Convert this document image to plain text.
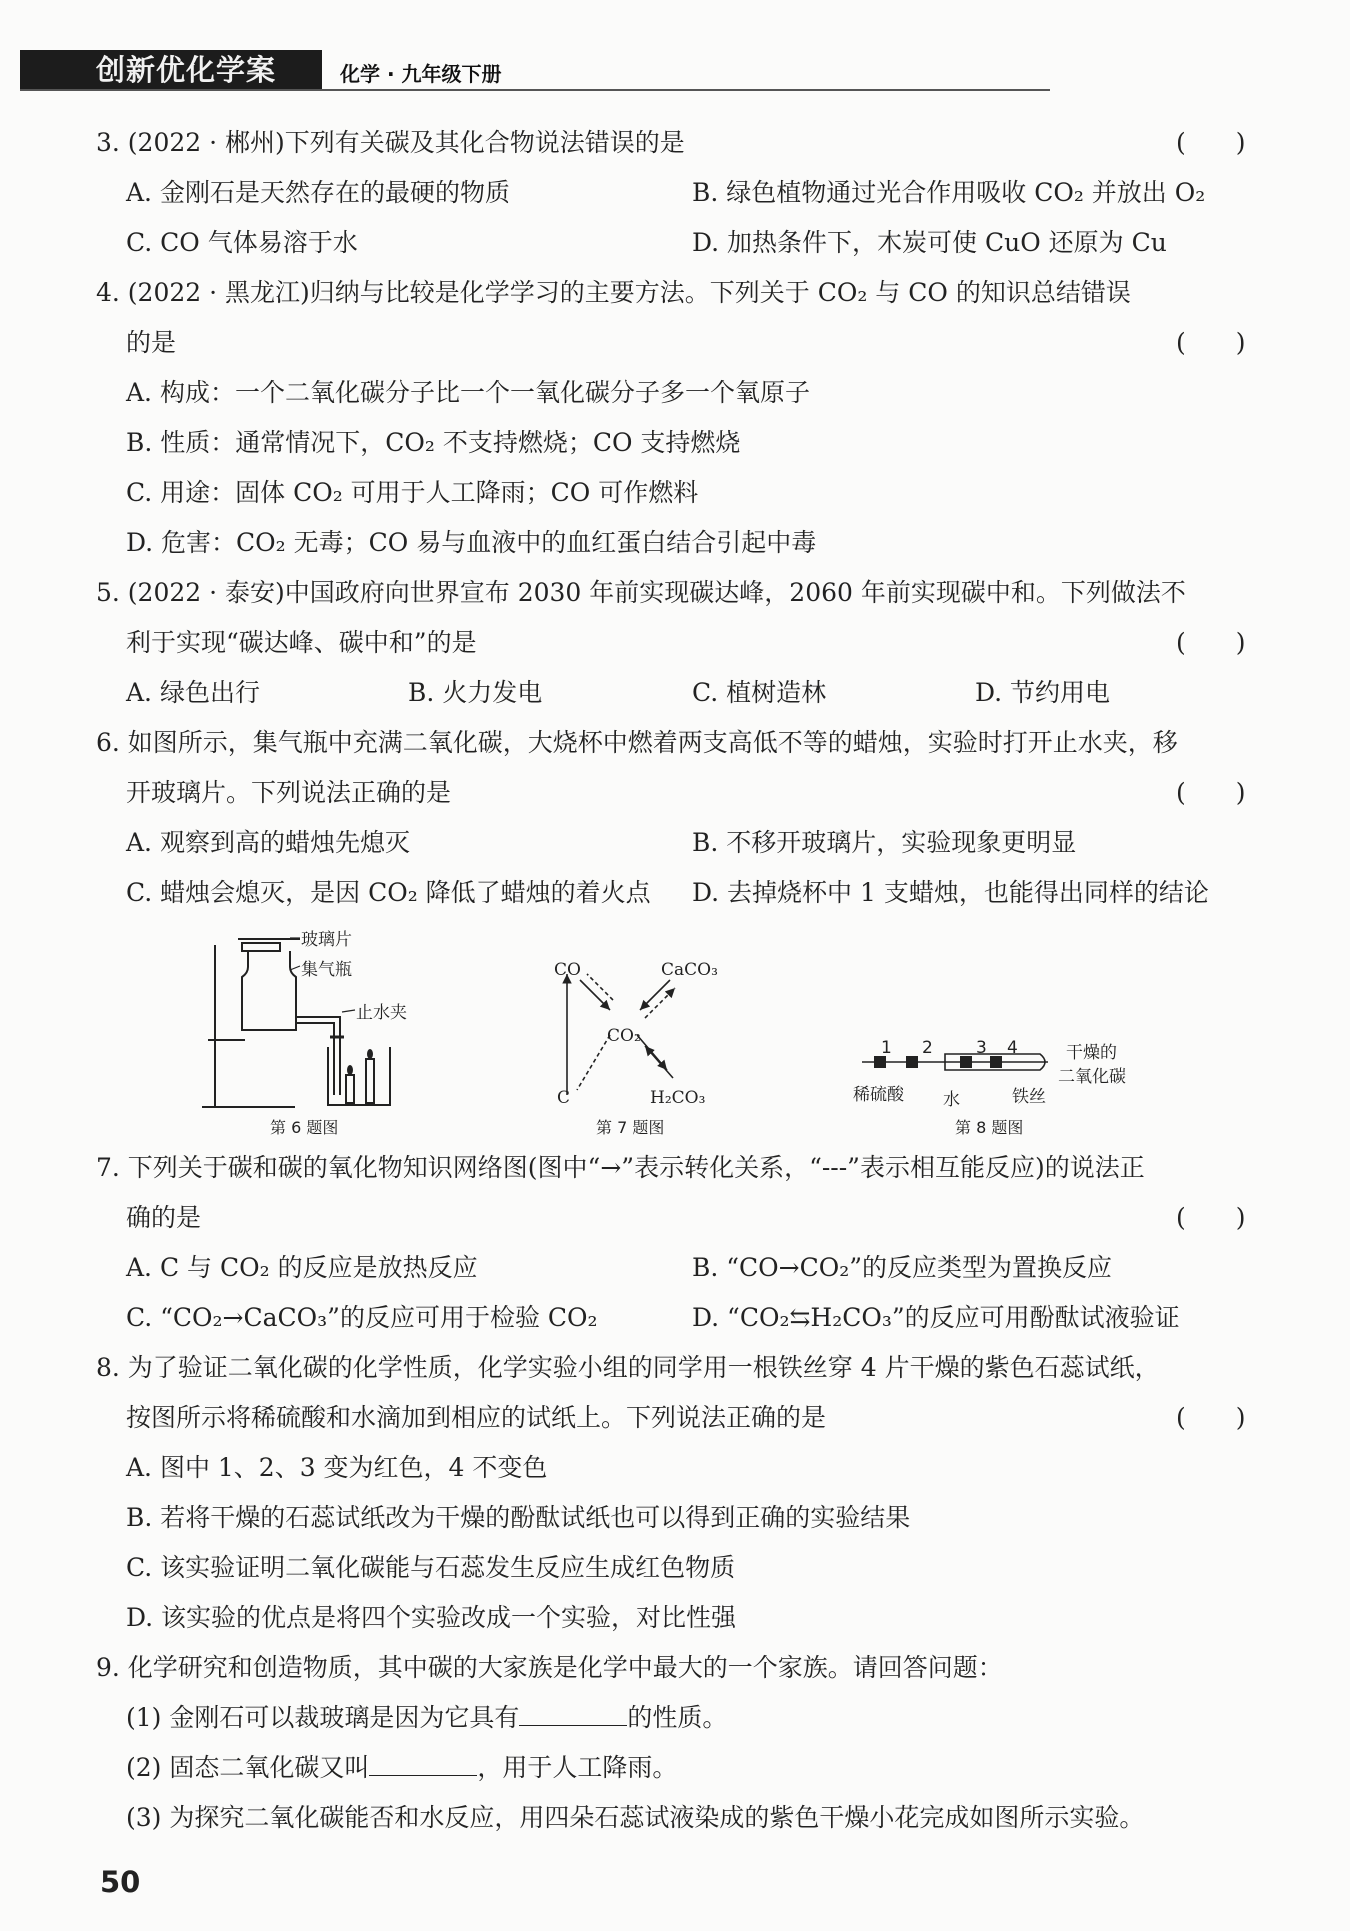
创新优化学案	化学 · 九年级下册
3. (2022 · 郴州)下列有关碳及其化合物说法错误的是	(　　)
A. 金刚石是天然存在的最硬的物质	B. 绿色植物通过光合作用吸收 CO₂ 并放出 O₂
C. CO 气体易溶于水	D. 加热条件下，木炭可使 CuO 还原为 Cu
4. (2022 · 黑龙江)归纳与比较是化学学习的主要方法。下列关于 CO₂ 与 CO 的知识总结错误
的是	(　　)
A. 构成：一个二氧化碳分子比一个一氧化碳分子多一个氧原子
B. 性质：通常情况下，CO₂ 不支持燃烧；CO 支持燃烧
C. 用途：固体 CO₂ 可用于人工降雨；CO 可作燃料
D. 危害：CO₂ 无毒；CO 易与血液中的血红蛋白结合引起中毒
5. (2022 · 泰安)中国政府向世界宣布 2030 年前实现碳达峰，2060 年前实现碳中和。下列做法不
利于实现“碳达峰、碳中和”的是	(　　)
A. 绿色出行	B. 火力发电	C. 植树造林	D. 节约用电
6. 如图所示，集气瓶中充满二氧化碳，大烧杯中燃着两支高低不等的蜡烛，实验时打开止水夹，移
开玻璃片。下列说法正确的是	(　　)
A. 观察到高的蜡烛先熄灭	B. 不移开玻璃片，实验现象更明显
C. 蜡烛会熄灭，是因 CO₂ 降低了蜡烛的着火点 D. 去掉烧杯中 1 支蜡烛，也能得出同样的结论
玻璃片
集气瓶
止水夹
第 6 题图
CO	CaCO₃
CO₂
C	H₂CO₃
第 7 题图
1 2	3 4
稀硫酸 水	铁丝
干燥的
二氧化碳
第 8 题图
7. 下列关于碳和碳的氧化物知识网络图(图中“→”表示转化关系，“---”表示相互能反应)的说法正
确的是	(　　)
A. C 与 CO₂ 的反应是放热反应	B. “CO→CO₂”的反应类型为置换反应
C. “CO₂→CaCO₃”的反应可用于检验 CO₂	D. “CO₂⇆H₂CO₃”的反应可用酚酞试液验证
8. 为了验证二氧化碳的化学性质，化学实验小组的同学用一根铁丝穿 4 片干燥的紫色石蕊试纸，
按图所示将稀硫酸和水滴加到相应的试纸上。下列说法正确的是	(　　)
A. 图中 1、2、3 变为红色，4 不变色
B. 若将干燥的石蕊试纸改为干燥的酚酞试纸也可以得到正确的实验结果
C. 该实验证明二氧化碳能与石蕊发生反应生成红色物质
D. 该实验的优点是将四个实验改成一个实验，对比性强
9. 化学研究和创造物质，其中碳的大家族是化学中最大的一个家族。请回答问题：
(1) 金刚石可以裁玻璃是因为它具有	的性质。
(2) 固态二氧化碳又叫	，用于人工降雨。
(3) 为探究二氧化碳能否和水反应，用四朵石蕊试液染成的紫色干燥小花完成如图所示实验。
50
